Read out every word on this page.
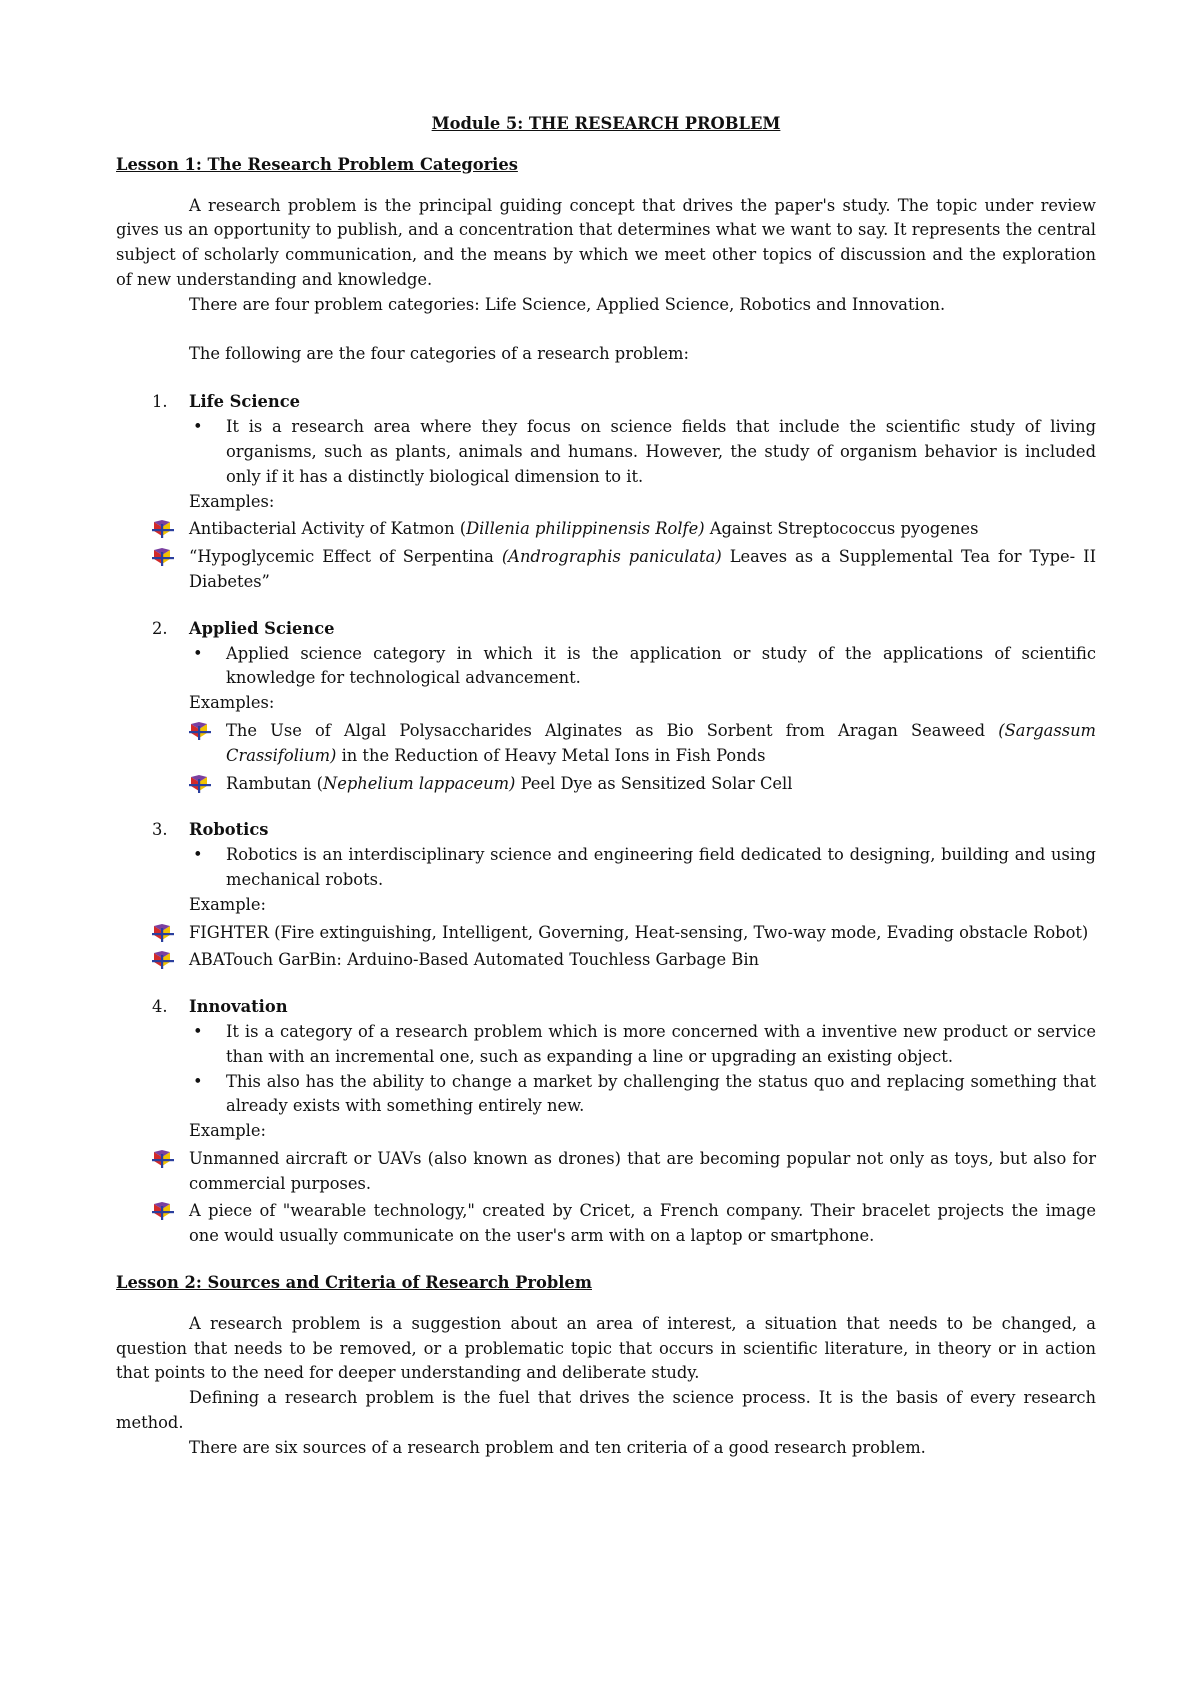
Module 5: THE RESEARCH PROBLEM
Lesson 1: The Research Problem Categories

A research problem is the principal guiding concept that drives the paper's study. The topic under review gives us an opportunity to publish, and a concentration that determines what we want to say. It represents the central subject of scholarly communication, and the means by which we meet other topics of discussion and the exploration of new understanding and knowledge.

There are four problem categories: Life Science, Applied Science, Robotics and Innovation.

The following are the four categories of a research problem:

1. Life Science
• It is a research area where they focus on science fields that include the scientific study of living organisms, such as plants, animals and humans. However, the study of organism behavior is included only if it has a distinctly biological dimension to it.
Examples:
Antibacterial Activity of Katmon (Dillenia philippinensis Rolfe) Against Streptococcus pyogenes
“Hypoglycemic Effect of Serpentina (Andrographis paniculata) Leaves as a Supplemental Tea for Type- II Diabetes”
2. Applied Science
• Applied science category in which it is the application or study of the applications of scientific knowledge for technological advancement.
Examples:
The Use of Algal Polysaccharides Alginates as Bio Sorbent from Aragan Seaweed (Sargassum Crassifolium) in the Reduction of Heavy Metal Ions in Fish Ponds
Rambutan (Nephelium lappaceum) Peel Dye as Sensitized Solar Cell
3. Robotics
• Robotics is an interdisciplinary science and engineering field dedicated to designing, building and using mechanical robots.
Example:
FIGHTER (Fire extinguishing, Intelligent, Governing, Heat-sensing, Two-way mode, Evading obstacle Robot)
ABATouch GarBin: Arduino-Based Automated Touchless Garbage Bin
4. Innovation
• It is a category of a research problem which is more concerned with a inventive new product or service than with an incremental one, such as expanding a line or upgrading an existing object.
• This also has the ability to change a market by challenging the status quo and replacing something that already exists with something entirely new.
Example:
Unmanned aircraft or UAVs (also known as drones) that are becoming popular not only as toys, but also for commercial purposes.
A piece of "wearable technology," created by Cricet, a French company. Their bracelet projects the image one would usually communicate on the user's arm with on a laptop or smartphone.
Lesson 2: Sources and Criteria of Research Problem

A research problem is a suggestion about an area of interest, a situation that needs to be changed, a question that needs to be removed, or a problematic topic that occurs in scientific literature, in theory or in action that points to the need for deeper understanding and deliberate study.

Defining a research problem is the fuel that drives the science process. It is the basis of every research method.

There are six sources of a research problem and ten criteria of a good research problem.
